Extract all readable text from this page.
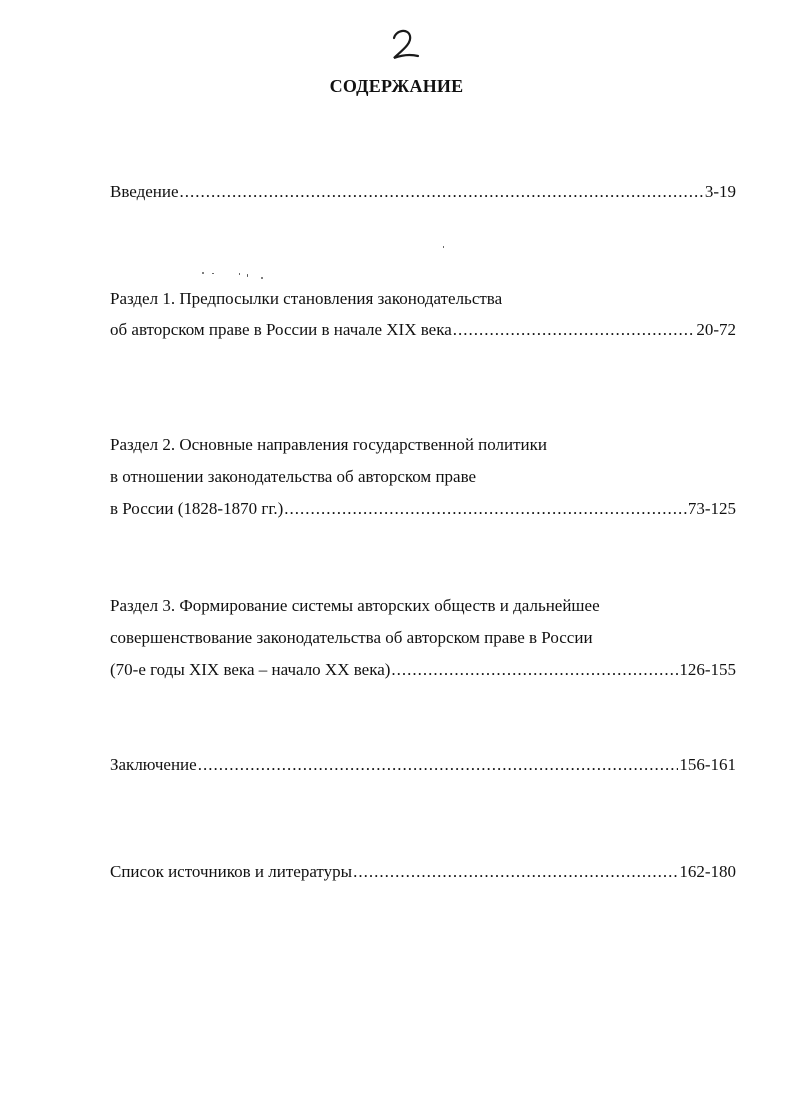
СОДЕРЖАНИЕ
Введение .....	3-19
Раздел 1. Предпосылки становления законодательства
об авторском праве в России в начале XIX века .....	20-72
Раздел 2. Основные направления государственной политики
в отношении законодательства об авторском праве
в России (1828-1870 гг.) .....	73-125
Раздел 3. Формирование системы авторских обществ и дальнейшее
совершенствование законодательства об авторском праве в России
(70-е годы XIX века – начало XX века) .....	126-155
Заключение .....	156-161
Список источников и литературы .....	162-180
